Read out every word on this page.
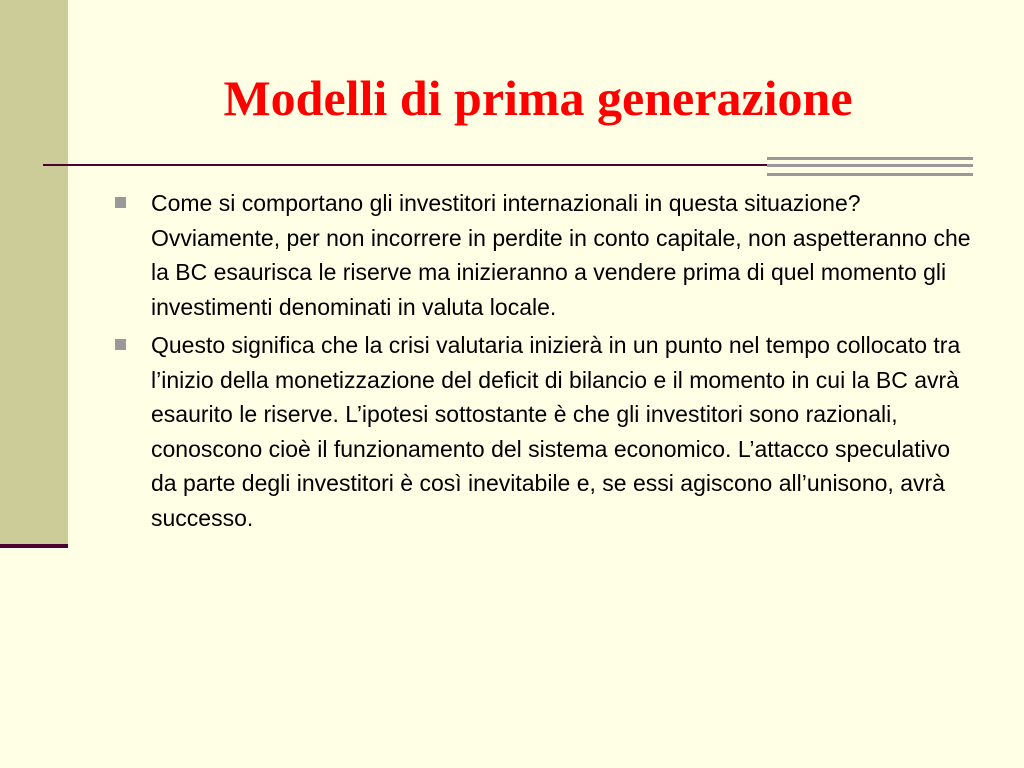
Modelli di prima generazione
Come si comportano gli investitori internazionali in questa situazione? Ovviamente, per non incorrere in perdite in conto capitale, non aspetteranno che la BC esaurisca le riserve ma inizieranno a vendere prima di quel momento gli investimenti denominati in valuta locale.
Questo significa che la crisi valutaria inizierà in un punto nel tempo collocato tra l’inizio della monetizzazione del deficit di bilancio e il momento in cui la BC avrà esaurito le riserve. L’ipotesi sottostante è che gli investitori sono razionali, conoscono cioè il funzionamento del sistema economico. L’attacco speculativo da parte degli investitori è così inevitabile e, se essi agiscono all’unisono, avrà successo.
